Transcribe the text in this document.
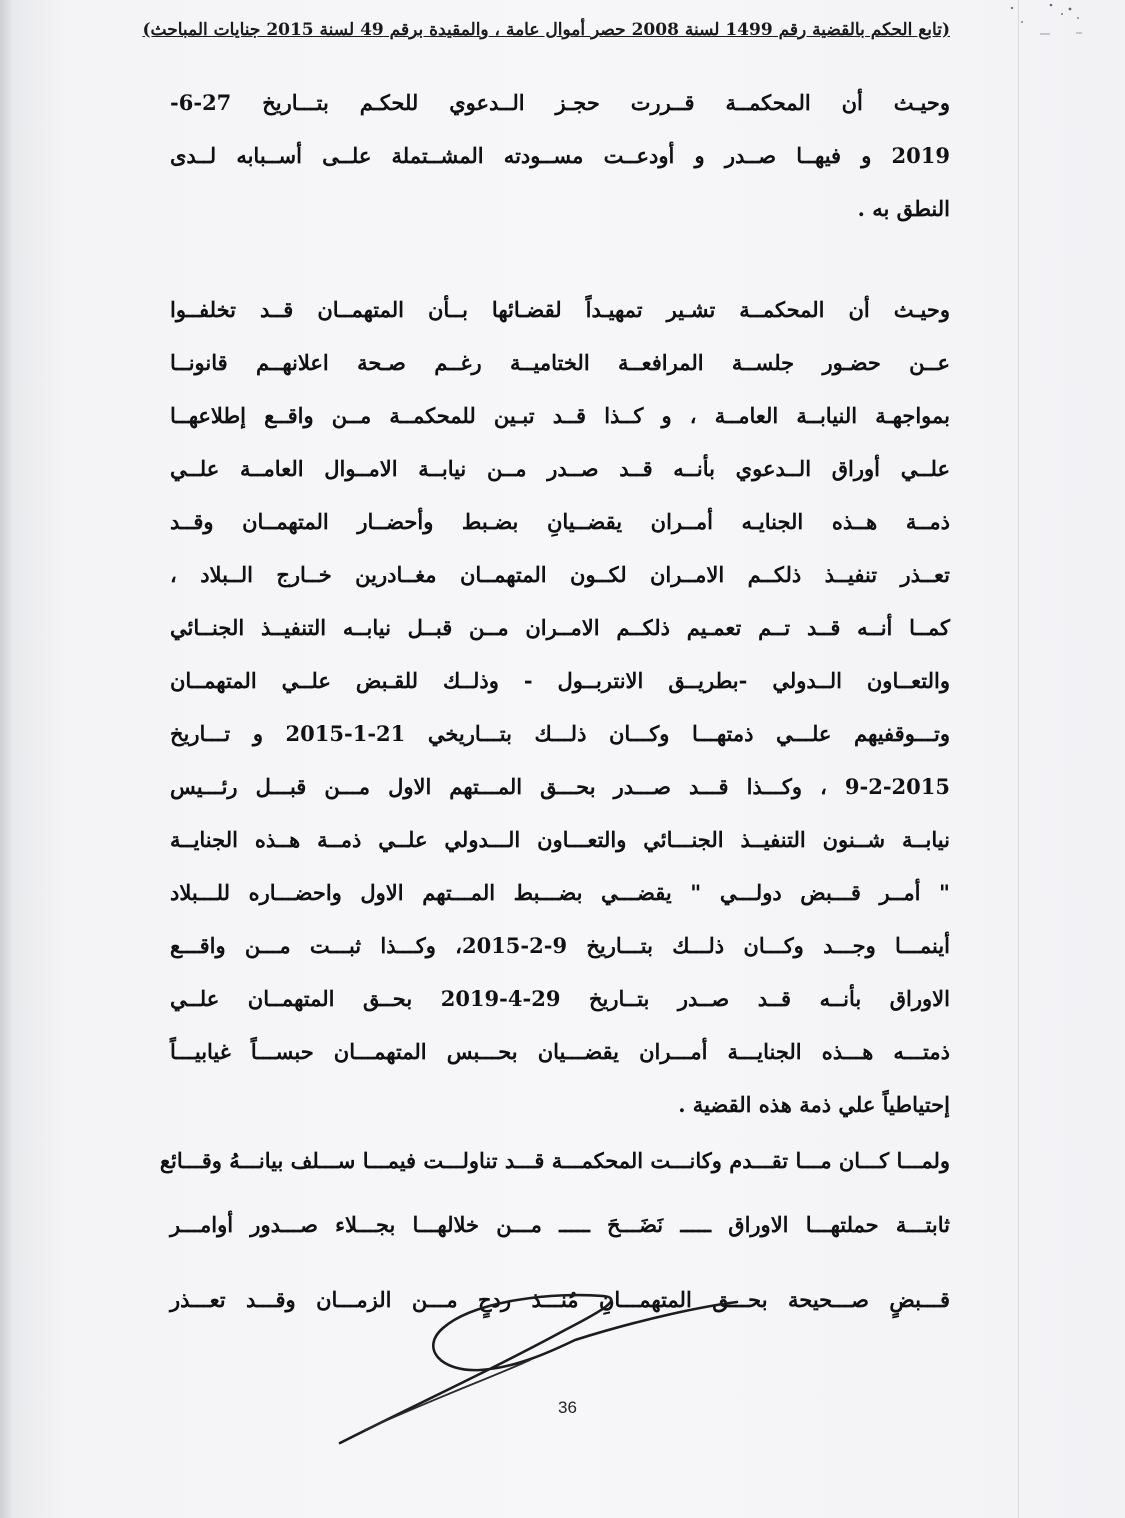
(تابع الحكم بالقضية رقم 1499 لسنة 2008 حصر أموال عامة ، والمقيدة برقم 49 لسنة 2015 جنايات المباحث)
وحيـث أن المحكمــة قــررت حجـز الــدعوي للحكـم بتـــاريخ 27-6-
2019 و فيهــا صــدر و أودعــت مســودته المشــتملة علــى أســبابه لــدى
النطق به .
وحيـث أن المحكمــة تشـير تمهيـداً لقضـائها بــأن المتهمــان قــد تخلفــوا
عــن حضـور جلســة المرافعــة الختاميــة رغــم صـحة اعلانهــم قانونــا
بمواجهـة النيابــة العامــة ، و كــذا قــد تبـين للمحكمــة مــن واقــع إطلاعهــا
علــي أوراق الــدعوي بأنــه قــد صــدر مــن نيابــة الامــوال العامــة علــي
ذمــة هــذه الجنايـه أمــران يقضــيانِ بضـبط وأحضــار المتهمــان وقــد
تعــذر تنفيــذ ذلكــم الامــران لكــون المتهمــان مغــادرين خــارج الــبلاد ،
كمــا أنــه قــد تــم تعمـيم ذلكــم الامــران مــن قبــل نيابــه التنفيــذ الجنــائي
والتعــاون الــدولي -بطريــق الانتربــول - وذلــك للقـبض علــي المتهمــان
وتـــوقفيهم علـــي ذمتهـــا وكـــان ذلـــك بتـــاريخي 21-1-2015 و تـــاريخ
9-2-2015 ، وكـــذا قـــد صـــدر بحـــق المـــتهم الاول مـــن قبـــل رئـــيس
نيابــة شــنون التنفيــذ الجنـــائي والتعـــاون الـــدولي علــي ذمــة هــذه الجنايــة
" أمــر قـــبض دولـــي " يقضـــي بضـــبط المـــتهم الاول واحضـــاره للـــبلاد
أينمـــا وجـــد وكـــان ذلـــك بتـــاريخ 9-2-2015، وكـــذا ثبـــت مـــن واقـــع
الاوراق بأنــه قــد صــدر بتــاريخ 29-4-2019 بحــق المتهمــان علــي
ذمتـــه هـــذه الجنايـــة أمـــران يقضـــيان بحـــبس المتهمـــان حبســـاً غيابيـــاً
إحتياطياً علي ذمة هذه القضية .
ولمـــا كـــان مـــا تقـــدم وكانـــت المحكمـــة قـــد تناولـــت فيمـــا ســـلف بيانـــهُ وقـــائع
ثابتـــة حملتهـــا الاوراق ـــــ نَضَـــحَ ـــــ مـــن خلالهـــا بجـــلاء صـــدور أوامـــر
قـــبضٍ صـــحيحة بحـــق المتهمـــانِ مُنـــذ ردحٍ مـــن الزمـــان وقـــد تعـــذر
36
